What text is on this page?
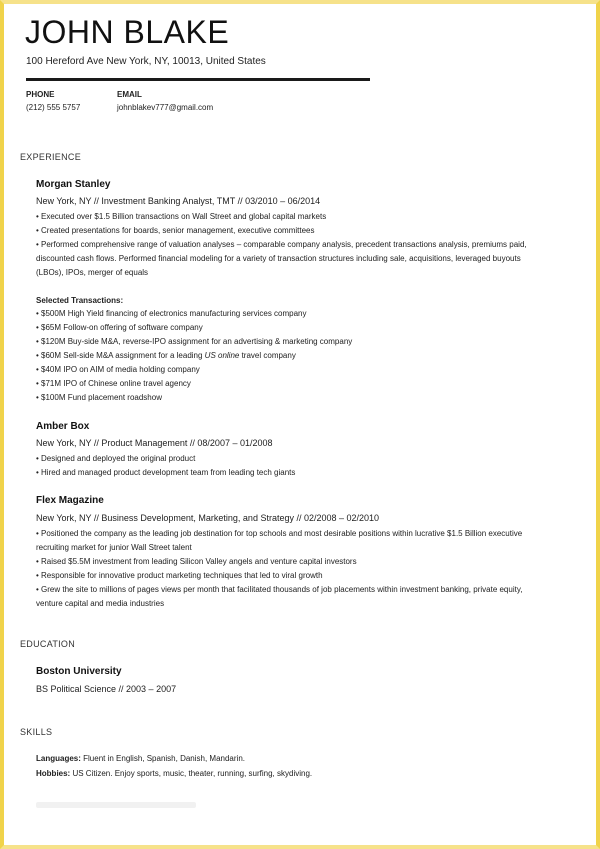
JOHN BLAKE
100 Hereford Ave New York, NY, 10013, United States
PHONE
(212) 555 5757
EMAIL
johnblakev777@gmail.com
EXPERIENCE
Morgan Stanley
New York, NY // Investment Banking Analyst, TMT // 03/2010 – 06/2014
• Executed over $1.5 Billion transactions on Wall Street and global capital markets
• Created presentations for boards, senior management, executive committees
• Performed comprehensive range of valuation analyses – comparable company analysis, precedent transactions analysis, premiums paid,
discounted cash flows. Performed financial modeling for a variety of transaction structures including sale, acquisitions, leveraged buyouts
(LBOs), IPOs, merger of equals
Selected Transactions:
• $500M High Yield financing of electronics manufacturing services company
• $65M Follow-on offering of software company
• $120M Buy-side M&A, reverse-IPO assignment for an advertising & marketing company
• $60M Sell-side M&A assignment for a leading US online travel company
• $40M IPO on AIM of media holding company
• $71M IPO of Chinese online travel agency
• $100M Fund placement roadshow
Amber Box
New York, NY // Product Management // 08/2007 – 01/2008
• Designed and deployed the original product
• Hired and managed product development team from leading tech giants
Flex Magazine
New York, NY // Business Development, Marketing, and Strategy // 02/2008 – 02/2010
• Positioned the company as the leading job destination for top schools and most desirable positions within lucrative $1.5 Billion executive
recruiting market for junior Wall Street talent
• Raised $5.5M investment from leading Silicon Valley angels and venture capital investors
• Responsible for innovative product marketing techniques that led to viral growth
• Grew the site to millions of pages views per month that facilitated thousands of job placements within investment banking, private equity,
venture capital and media industries
EDUCATION
Boston University
BS Political Science // 2003 – 2007
SKILLS
Languages: Fluent in English, Spanish, Danish, Mandarin.
Hobbies: US Citizen. Enjoy sports, music, theater, running, surfing, skydiving.
